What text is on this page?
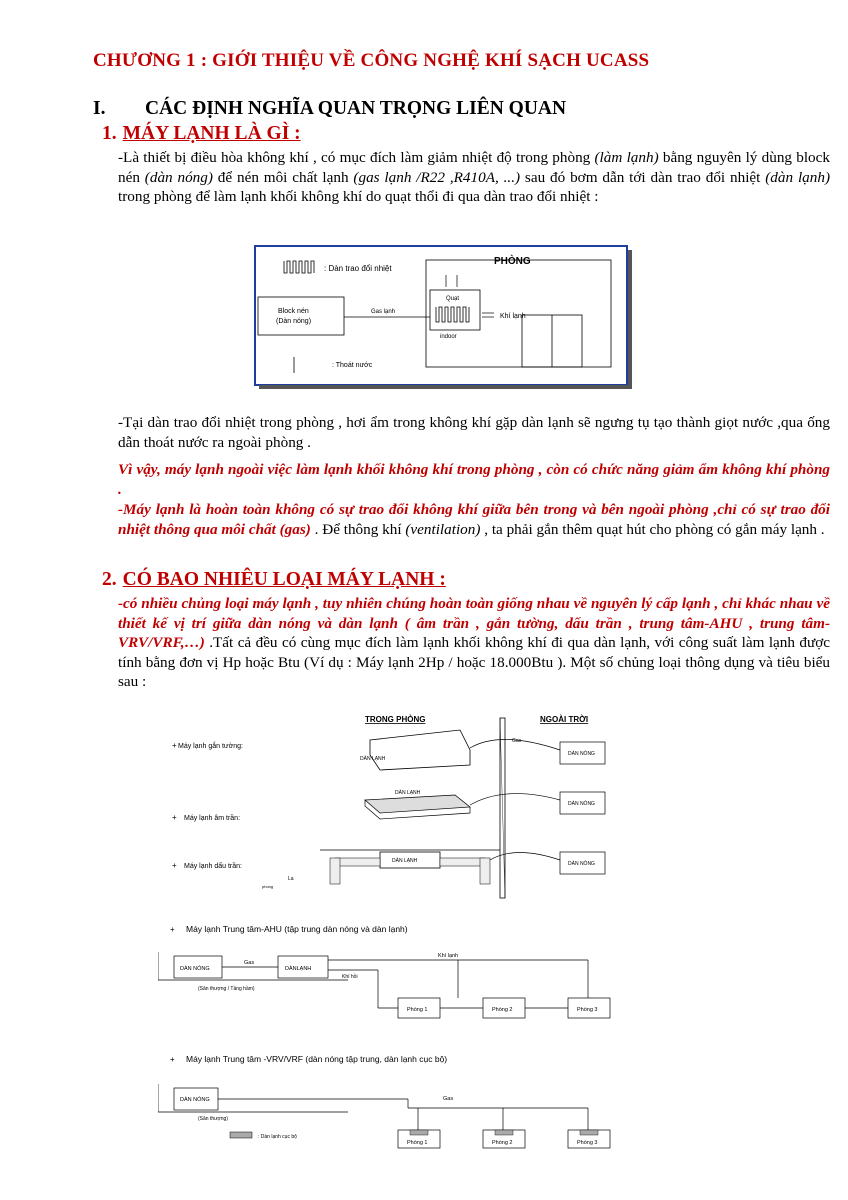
CHƯƠNG 1 : GIỚI THIỆU VỀ CÔNG NGHỆ KHÍ SẠCH UCASS
I. CÁC ĐỊNH NGHĨA QUAN TRỌNG LIÊN QUAN
1. MÁY LẠNH LÀ GÌ :
-Là thiết bị điều hòa không khí , có mục đích làm giảm nhiệt độ trong phòng (làm lạnh) bằng nguyên lý dùng block nén (dàn nóng) để nén môi chất lạnh (gas lạnh /R22 ,R410A, ...) sau đó bơm dẫn tới dàn trao đổi nhiệt (dàn lạnh) trong phòng để làm lạnh khối không khí do quạt thổi đi qua dàn trao đổi nhiệt :
: Dàn trao đổi nhiệt
PHÒNG
Quạt
indoor
Khí lạnh
Block nén
(Dàn nóng)
Gas lạnh
: Thoát nước
-Tại dàn trao đổi nhiệt trong phòng , hơi ẩm trong không khí gặp dàn lạnh sẽ ngưng tụ tạo thành giọt nước ,qua ống dẫn thoát nước ra ngoài phòng .
Vì vậy, máy lạnh ngoài việc làm lạnh khối không khí trong phòng , còn có chức năng giảm ẩm không khí phòng .
-Máy lạnh là hoàn toàn không có sự trao đổi không khí giữa bên trong và bên ngoài phòng ,chỉ có sự trao đổi nhiệt thông qua môi chất (gas) . Để thông khí (ventilation) , ta phải gắn thêm quạt hút cho phòng có gắn máy lạnh .
2. CÓ BAO NHIÊU LOẠI MÁY LẠNH :
-có nhiều chủng loại máy lạnh , tuy nhiên chúng hoàn toàn giống nhau về nguyên lý cấp lạnh , chỉ khác nhau về thiết kế vị trí giữa dàn nóng và dàn lạnh ( âm trần , gắn tường, dấu trần , trung tâm-AHU , trung tâm-VRV/VRF,…) .Tất cả đều có cùng mục đích làm lạnh khối không khí đi qua dàn lạnh, với công suất làm lạnh được tính bằng đơn vị Hp hoặc Btu (Ví dụ : Máy lạnh 2Hp / hoặc 18.000Btu ). Một số chủng loại thông dụng và tiêu biểu sau :
TRONG PHÒNG	NGOÀI TRỜI
Máy lạnh gắn tường:
+
DÀN LẠNH
Gas
DÀN NÓNG
+ Máy lạnh âm trần:
DÀN LẠNH
DÀN NÓNG
+ Máy lạnh dấu trần:
DÀN LẠNH
La
phong
DÀN NÓNG
+ Máy lạnh Trung tâm-AHU (tập trung dàn nóng và dàn lạnh)
DÀN NÓNG
Gas
DÀNLẠNH
(Sân thượng / Tầng hầm)
Khí lạnh
Khí hồi
Phòng 1	Phòng 2	Phòng 3
+ Máy lạnh Trung tâm -VRV/VRF (dàn nóng tập trung, dàn lạnh cục bộ)
DÀN NÓNG
(Sân thượng)
Gas
: Dàn lạnh cục bộ
Phòng 1	Phòng 2	Phòng 3
